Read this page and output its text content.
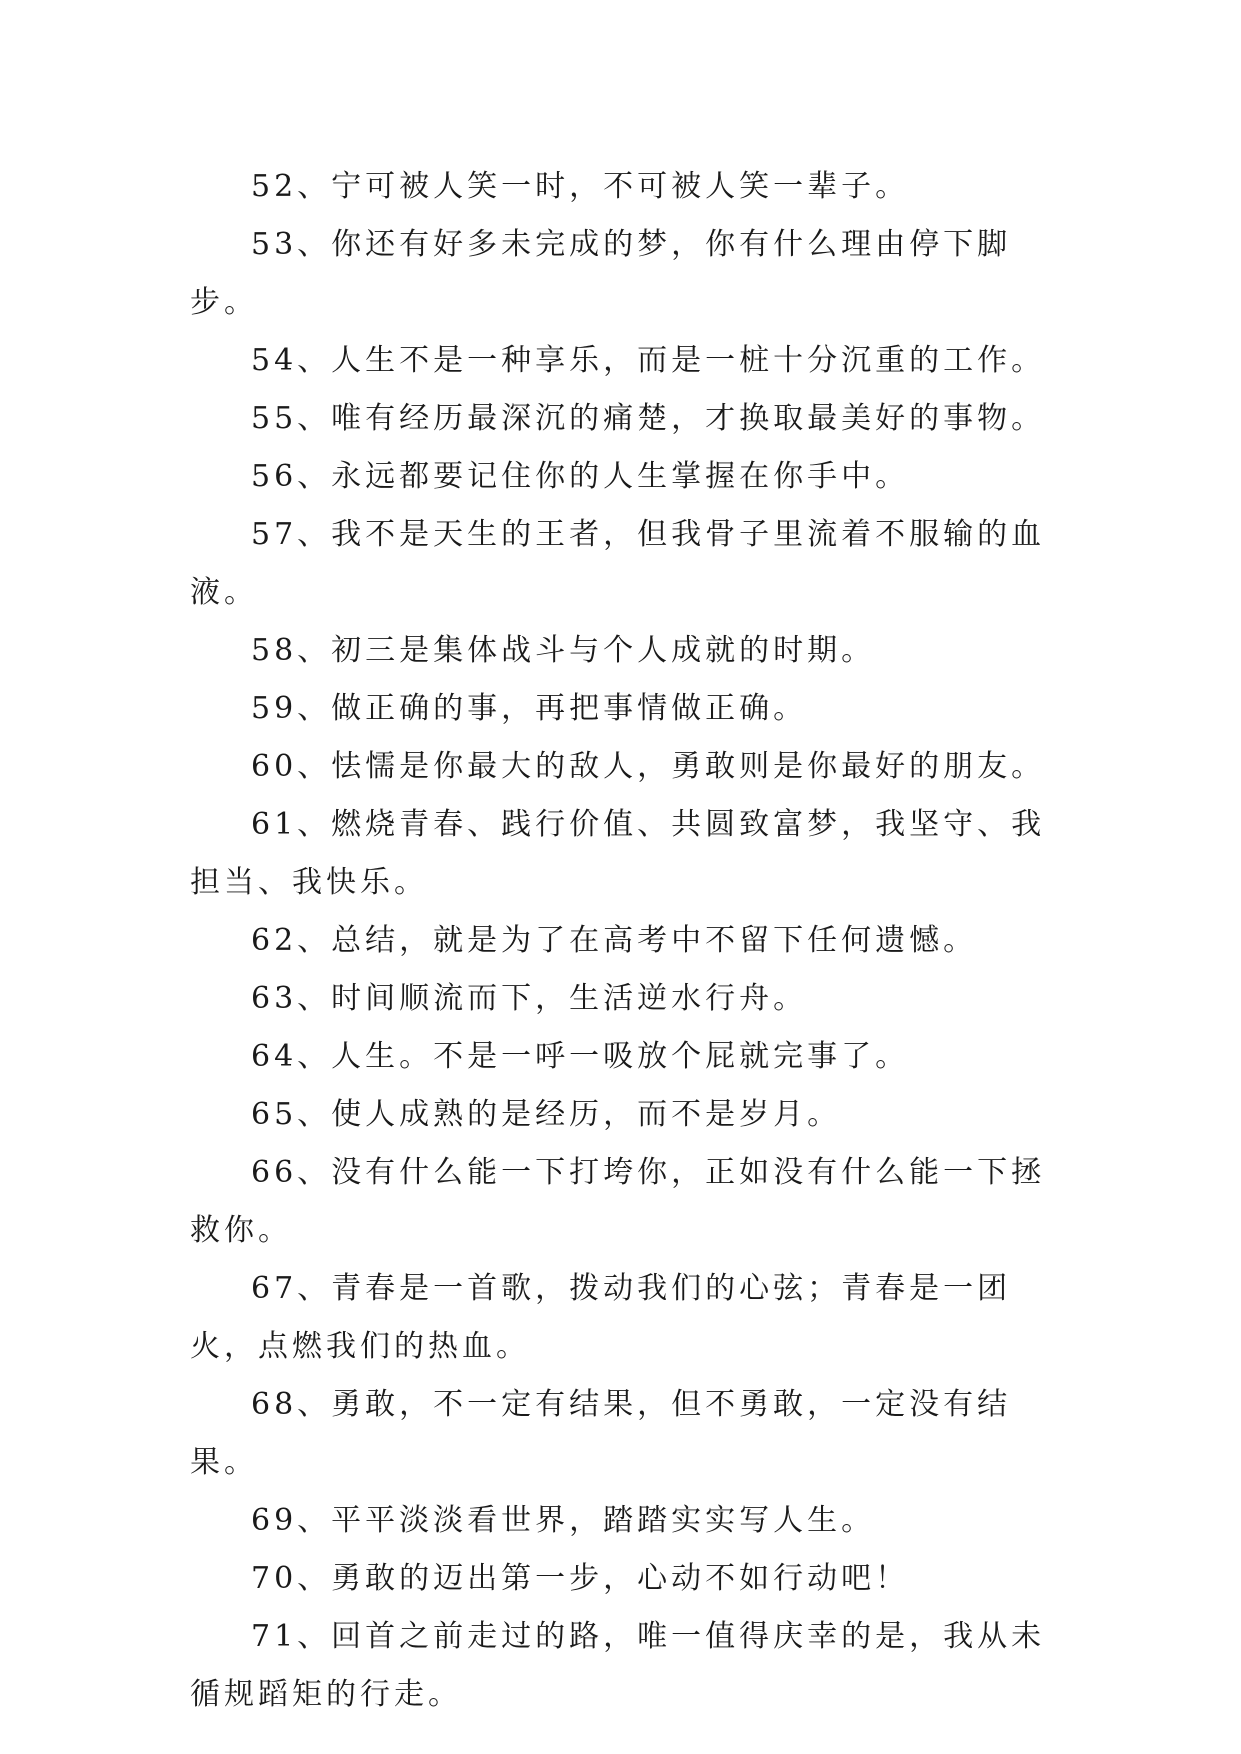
52、宁可被人笑一时，不可被人笑一辈子。

53、你还有好多未完成的梦，你有什么理由停下脚步。

54、人生不是一种享乐，而是一桩十分沉重的工作。

55、唯有经历最深沉的痛楚，才换取最美好的事物。

56、永远都要记住你的人生掌握在你手中。

57、我不是天生的王者，但我骨子里流着不服输的血液。

58、初三是集体战斗与个人成就的时期。

59、做正确的事，再把事情做正确。

60、怯懦是你最大的敌人，勇敢则是你最好的朋友。

61、燃烧青春、践行价值、共圆致富梦，我坚守、我担当、我快乐。

62、总结，就是为了在高考中不留下任何遗憾。

63、时间顺流而下，生活逆水行舟。

64、人生。不是一呼一吸放个屁就完事了。

65、使人成熟的是经历，而不是岁月。

66、没有什么能一下打垮你，正如没有什么能一下拯救你。

67、青春是一首歌，拨动我们的心弦；青春是一团火，点燃我们的热血。

68、勇敢，不一定有结果，但不勇敢，一定没有结果。

69、平平淡淡看世界，踏踏实实写人生。

70、勇敢的迈出第一步，心动不如行动吧！

71、回首之前走过的路，唯一值得庆幸的是，我从未循规蹈矩的行走。
